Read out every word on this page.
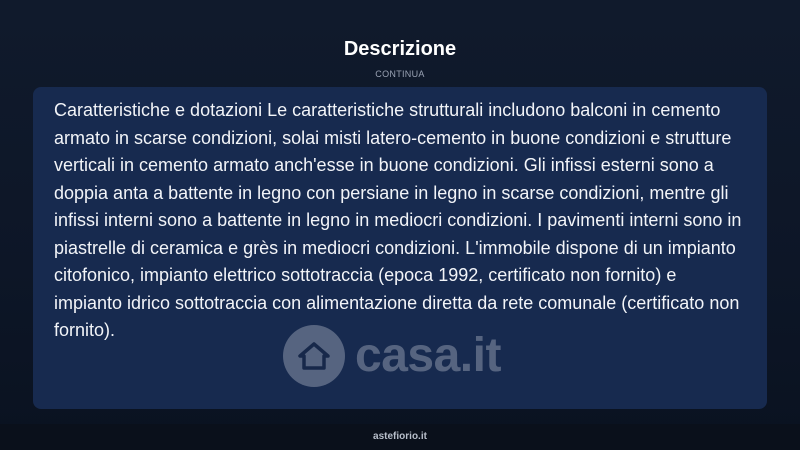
Descrizione
CONTINUA

Caratteristiche e dotazioni Le caratteristiche strutturali includono balconi in cemento armato in scarse condizioni, solai misti latero-cemento in buone condizioni e strutture verticali in cemento armato anch'esse in buone condizioni. Gli infissi esterni sono a doppia anta a battente in legno con persiane in legno in scarse condizioni, mentre gli infissi interni sono a battente in legno in mediocri condizioni. I pavimenti interni sono in piastrelle di ceramica e grès in mediocri condizioni. L'immobile dispone di un impianto citofonico, impianto elettrico sottotraccia (epoca 1992, certificato non fornito) e impianto idrico sottotraccia con alimentazione diretta da rete comunale (certificato non fornito).	casa.it
astefiorio.it
